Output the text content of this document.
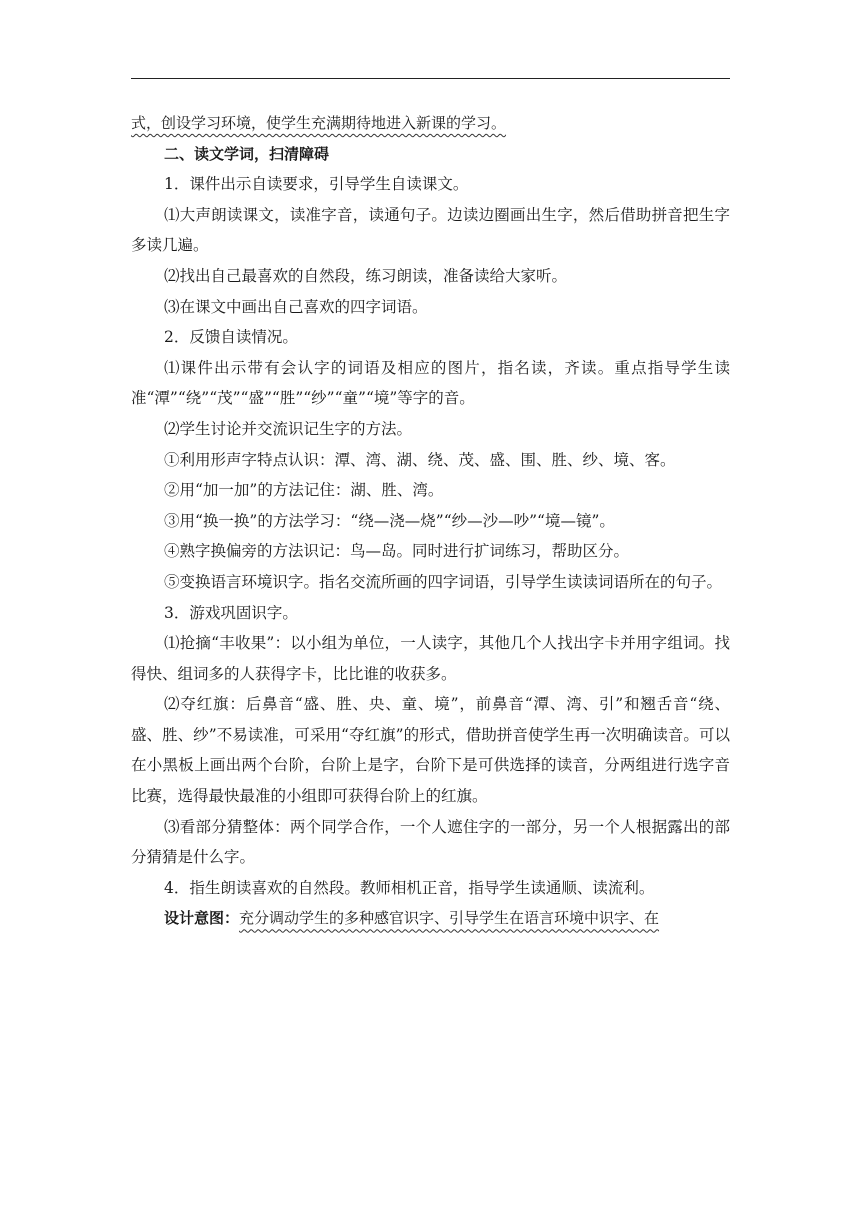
式，创设学习环境，使学生充满期待地进入新课的学习。

二、读文学词，扫清障碍

1．课件出示自读要求，引导学生自读课文。

⑴大声朗读课文，读准字音，读通句子。边读边圈画出生字，然后借助拼音把生字多读几遍。

⑵找出自己最喜欢的自然段，练习朗读，准备读给大家听。

⑶在课文中画出自己喜欢的四字词语。

2．反馈自读情况。

⑴课件出示带有会认字的词语及相应的图片，指名读，齐读。重点指导学生读准“潭”“绕”“茂”“盛”“胜”“纱”“童”“境”等字的音。

⑵学生讨论并交流识记生字的方法。

①利用形声字特点认识：潭、湾、湖、绕、茂、盛、围、胜、纱、境、客。

②用“加一加”的方法记住：湖、胜、湾。

③用“换一换”的方法学习：“绕—浇—烧”“纱—沙—吵”“境—镜”。

④熟字换偏旁的方法识记：鸟—岛。同时进行扩词练习，帮助区分。

⑤变换语言环境识字。指名交流所画的四字词语，引导学生读读词语所在的句子。

3．游戏巩固识字。

⑴抢摘“丰收果”：以小组为单位，一人读字，其他几个人找出字卡并用字组词。找得快、组词多的人获得字卡，比比谁的收获多。

⑵夺红旗：后鼻音“盛、胜、央、童、境”，前鼻音“潭、湾、引”和翘舌音“绕、盛、胜、纱”不易读准，可采用“夺红旗”的形式，借助拼音使学生再一次明确读音。可以在小黑板上画出两个台阶，台阶上是字，台阶下是可供选择的读音，分两组进行选字音比赛，选得最快最准的小组即可获得台阶上的红旗。

⑶看部分猜整体：两个同学合作，一个人遮住字的一部分，另一个人根据露出的部分猜猜是什么字。

4．指生朗读喜欢的自然段。教师相机正音，指导学生读通顺、读流利。

设计意图：充分调动学生的多种感官识字、引导学生在语言环境中识字、在
